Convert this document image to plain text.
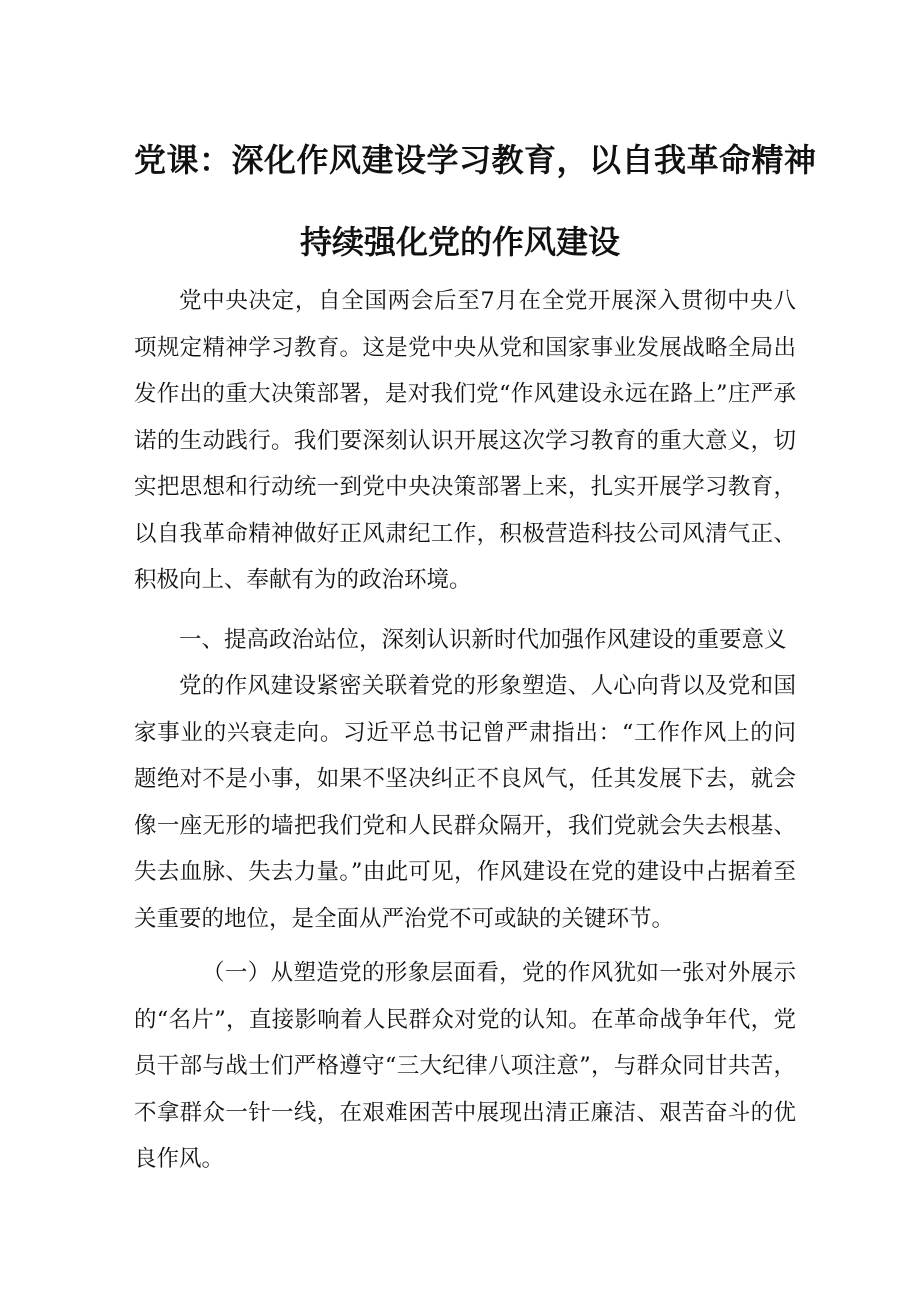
党课：深化作风建设学习教育，以自我革命精神
持续强化党的作风建设

党中央决定，自全国两会后至7月在全党开展深入贯彻中央八项规定精神学习教育。这是党中央从党和国家事业发展战略全局出发作出的重大决策部署，是对我们党“作风建设永远在路上”庄严承诺的生动践行。我们要深刻认识开展这次学习教育的重大意义，切实把思想和行动统一到党中央决策部署上来，扎实开展学习教育，以自我革命精神做好正风肃纪工作，积极营造科技公司风清气正、积极向上、奉献有为的政治环境。

一、提高政治站位，深刻认识新时代加强作风建设的重要意义

党的作风建设紧密关联着党的形象塑造、人心向背以及党和国家事业的兴衰走向。习近平总书记曾严肃指出：“工作作风上的问题绝对不是小事，如果不坚决纠正不良风气，任其发展下去，就会像一座无形的墙把我们党和人民群众隔开，我们党就会失去根基、失去血脉、失去力量。”由此可见，作风建设在党的建设中占据着至关重要的地位，是全面从严治党不可或缺的关键环节。

（一）从塑造党的形象层面看，党的作风犹如一张对外展示的“名片”，直接影响着人民群众对党的认知。在革命战争年代，党员干部与战士们严格遵守“三大纪律八项注意”，与群众同甘共苦，不拿群众一针一线，在艰难困苦中展现出清正廉洁、艰苦奋斗的优良作风。
